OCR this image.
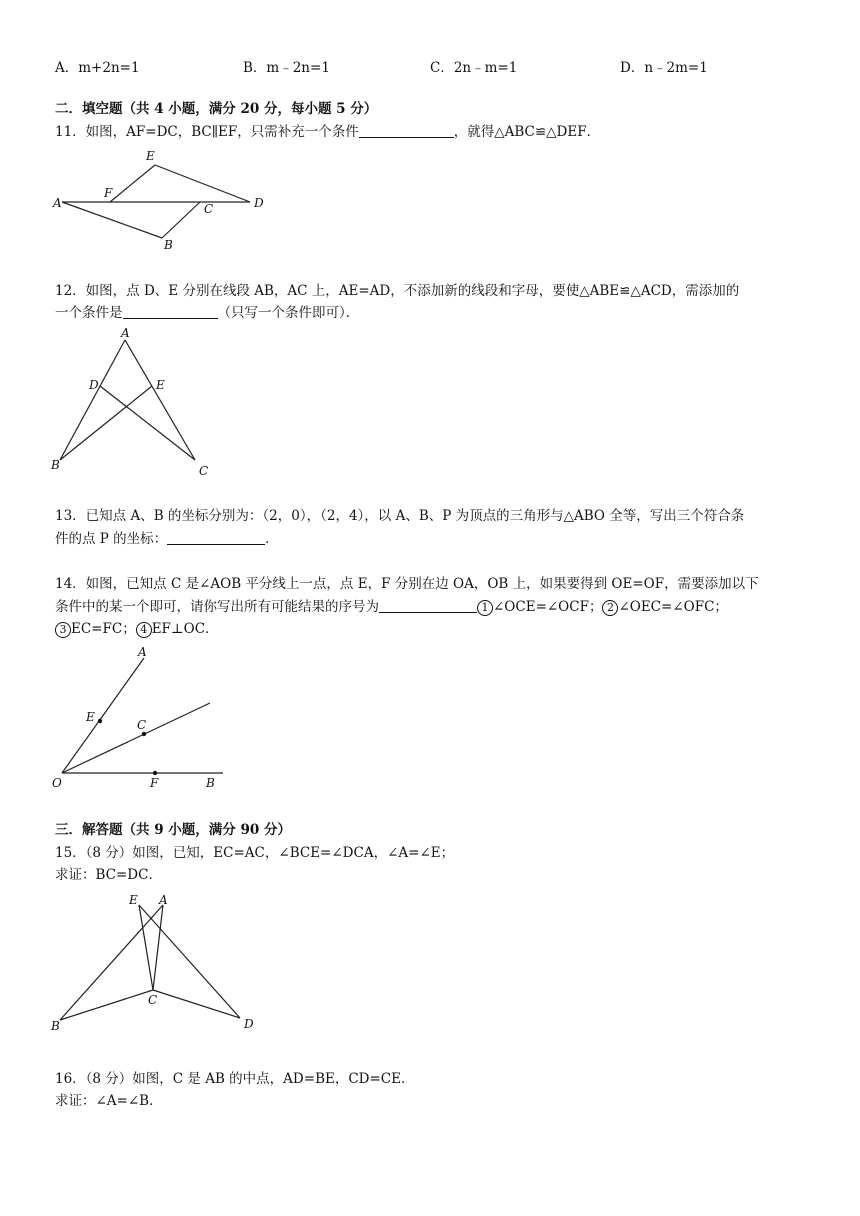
A．m+2n=1	B．m﹣2n=1	C．2n﹣m=1	D．n﹣2m=1
二．填空题（共 4 小题，满分 20 分，每小题 5 分）
11．如图，AF=DC，BC∥EF，只需补充一个条件	，就得△ABC≌△DEF．
A
F
E
C	D
B
12．如图，点 D、E 分别在线段 AB，AC 上，AE=AD，不添加新的线段和字母，要使△ABE≌△ACD，需添加的
一个条件是	（只写一个条件即可）．
A
D	E
B	C
13．已知点 A、B 的坐标分别为：（2，0），（2，4），以 A、B、P 为顶点的三角形与△ABO 全等，写出三个符合条
件的点 P 的坐标：	．
14．如图，已知点 C 是∠AOB 平分线上一点，点 E，F 分别在边 OA，OB 上，如果要得到 OE=OF，需要添加以下
条件中的某一个即可，请你写出所有可能结果的序号为	1 ∠OCE=∠OCF； 2 ∠OEC=∠OFC；
3 EC=FC； 4 EF⊥OC．
A
E
C
O	F	B
三．解答题（共 9 小题，满分 90 分）
15．（8 分）如图，已知，EC=AC，∠BCE=∠DCA，∠A=∠E；
求证：BC=DC．
E A
C
B	D
16．（8 分）如图，C 是 AB 的中点，AD=BE，CD=CE．
求证：∠A=∠B．
